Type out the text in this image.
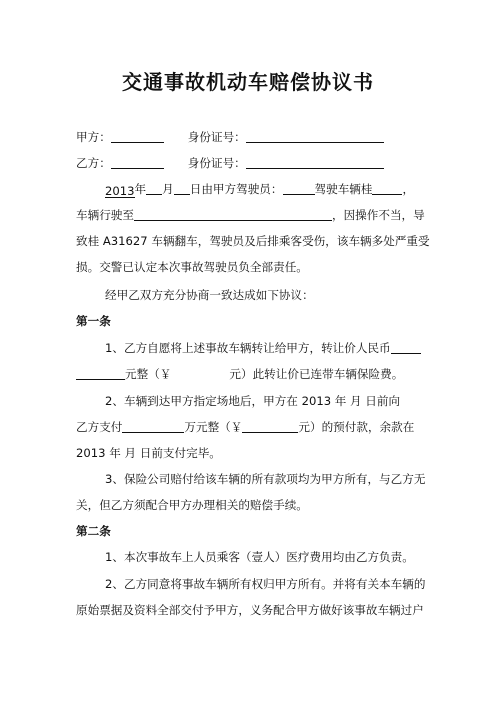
交通事故机动车赔偿协议书
甲方：	身份证号：
乙方：	身份证号：
2013年 月 日由甲方驾驶员：	驾驶车辆桂	，
车辆行驶至	，因操作不当，导
致桂 A31627 车辆翻车，驾驶员及后排乘客受伤，该车辆多处严重受
损。交警已认定本次事故驾驶员负全部责任。
经甲乙双方充分协商一致达成如下协议：
第一条
1、乙方自愿将上述事故车辆转让给甲方，转让价人民币
元整（￥	元）此转让价已连带车辆保险费。
2、车辆到达甲方指定场地后，甲方在 2013 年 月 日前向
乙方支付	万元整（￥	元）的预付款，余款在
2013 年 月 日前支付完毕。
3、保险公司赔付给该车辆的所有款项均为甲方所有，与乙方无
关，但乙方须配合甲方办理相关的赔偿手续。
第二条
1、本次事故车上人员乘客（壹人）医疗费用均由乙方负责。
2、乙方同意将事故车辆所有权归甲方所有。并将有关本车辆的
原始票据及资料全部交付予甲方，义务配合甲方做好该事故车辆过户
